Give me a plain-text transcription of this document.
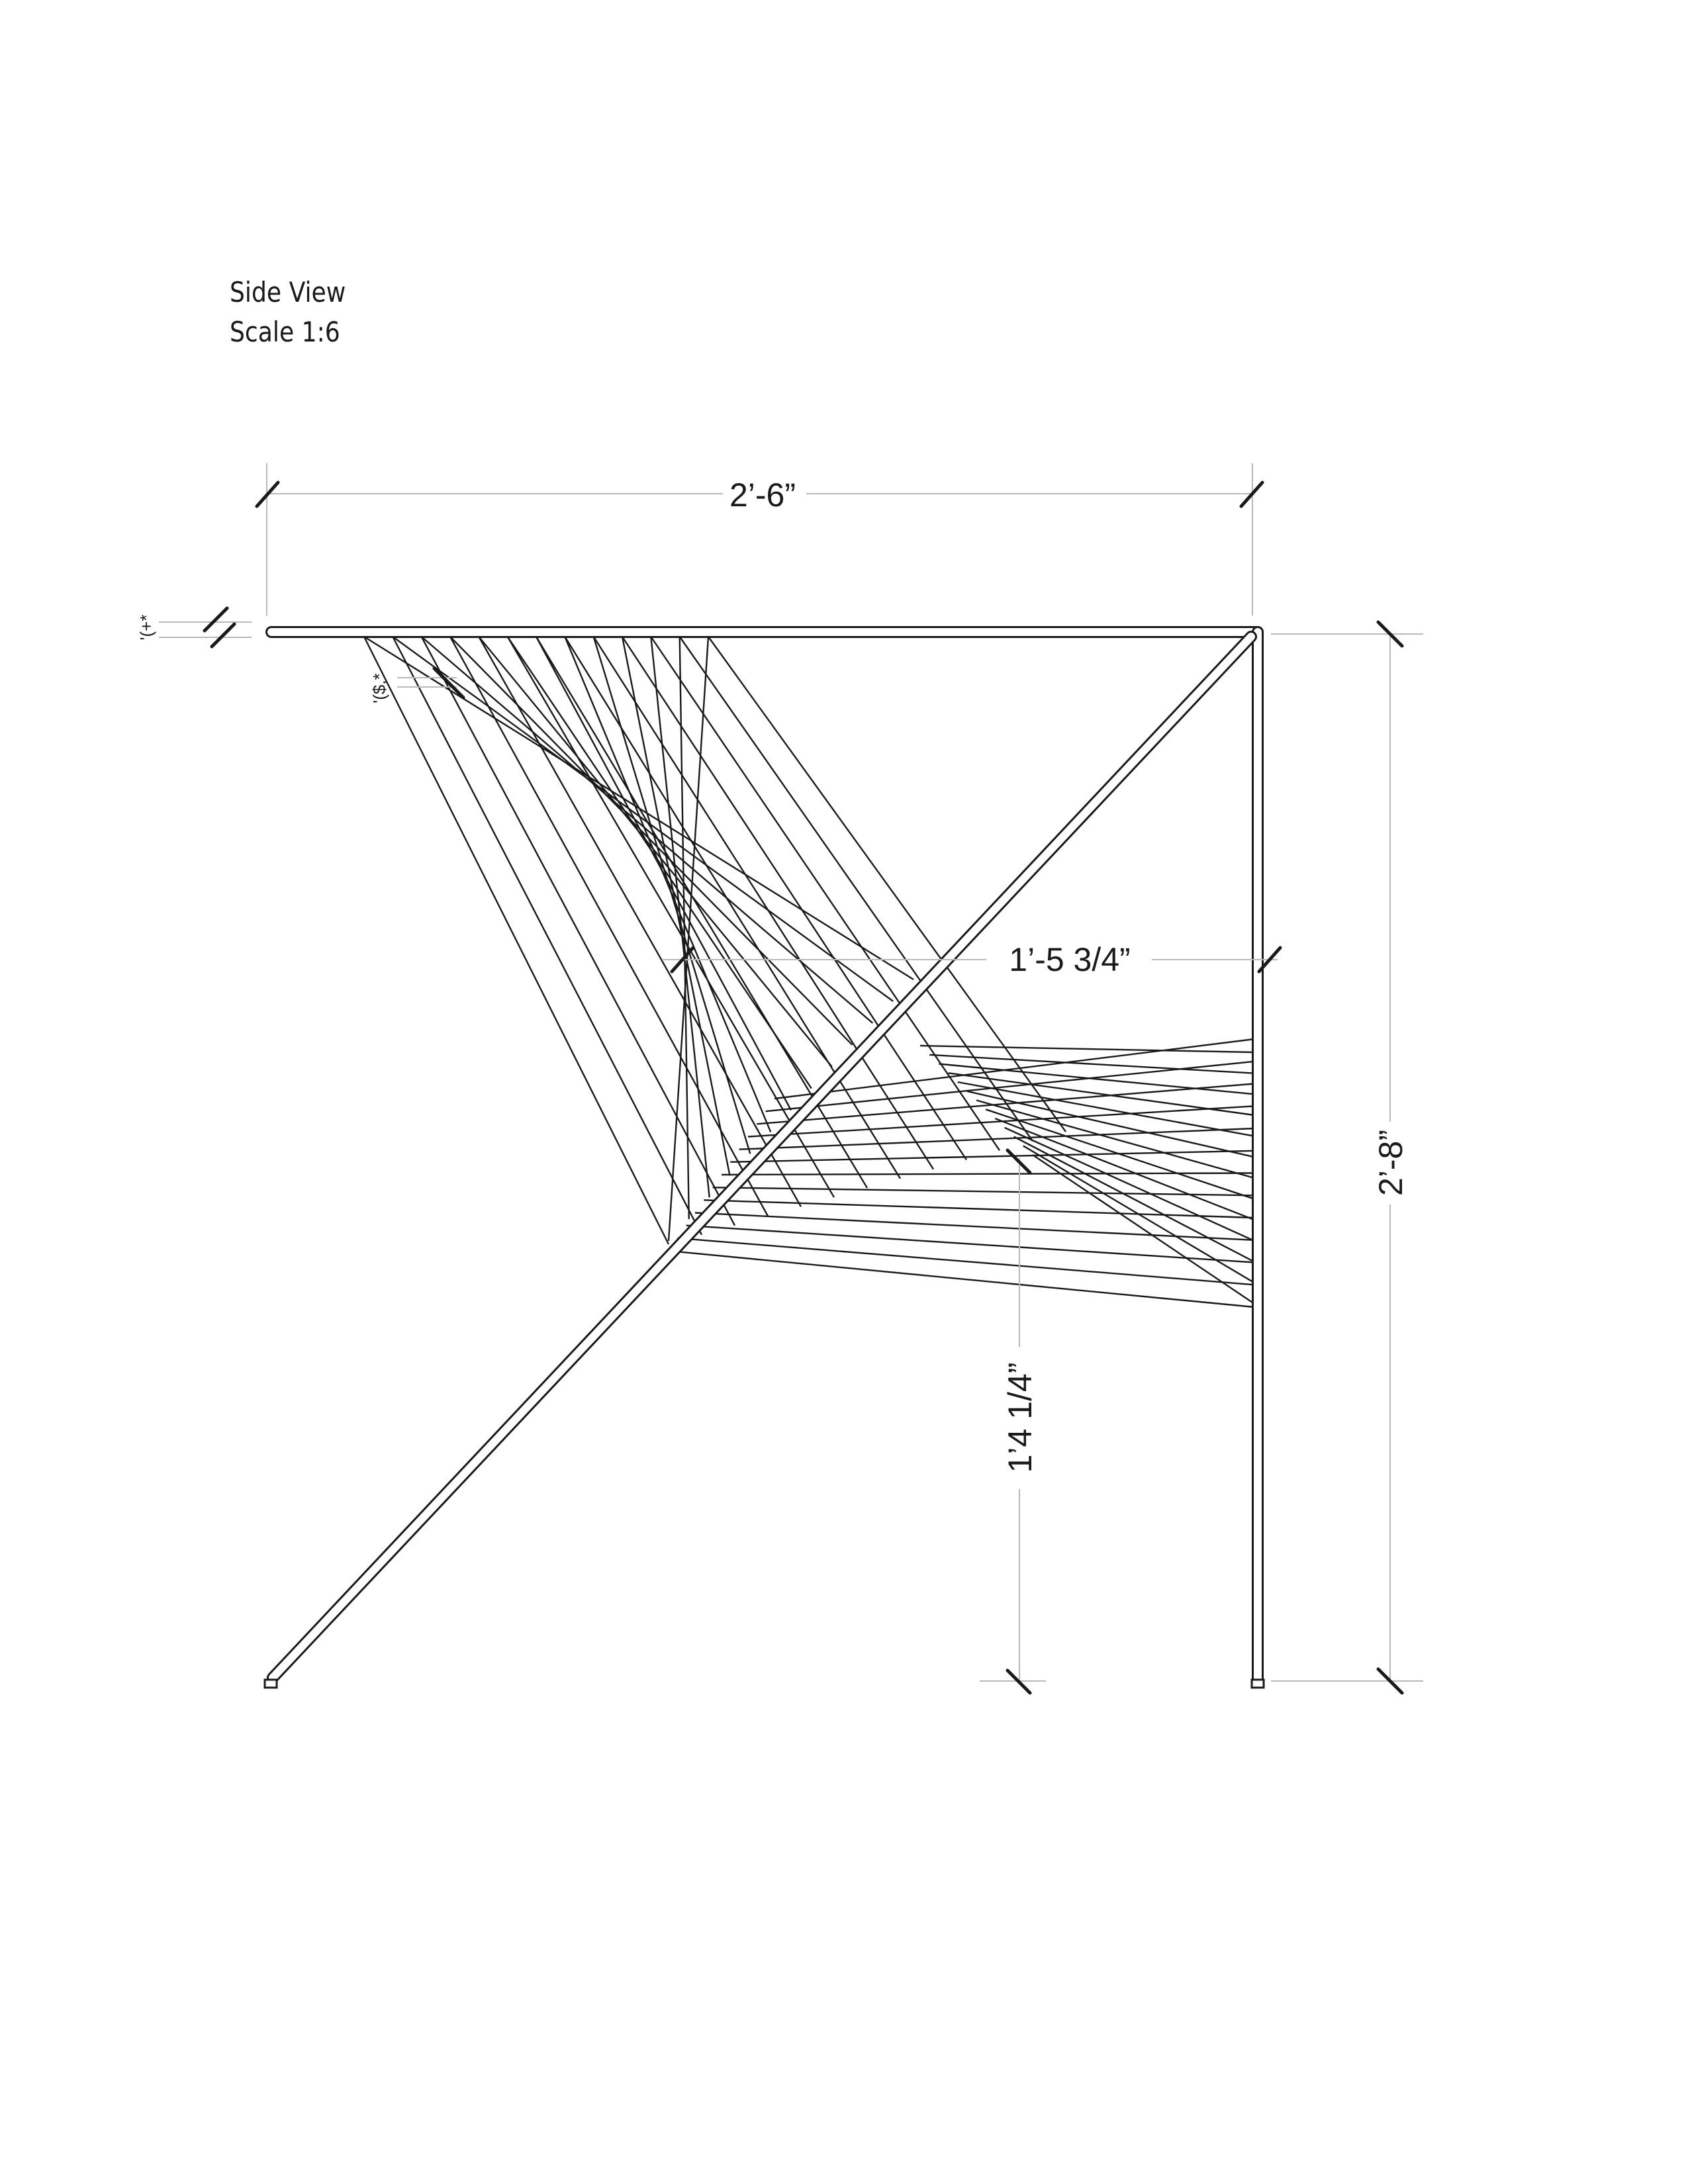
Side View
Scale 1:6
2’-6”
1’-5 3/4”
2’-8”
1’4 1/4”
'(+*
'($,*
